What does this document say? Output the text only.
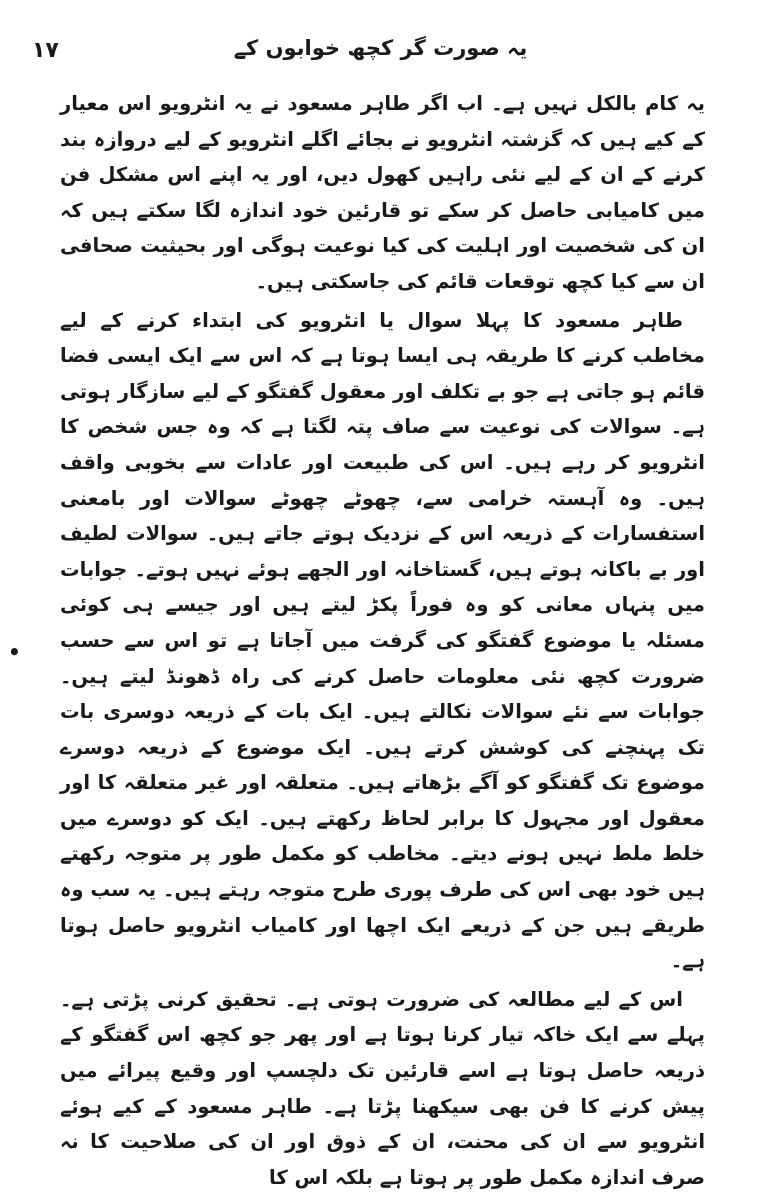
١٧	یہ صورت گر کچھ خوابوں کے
•

یہ کام بالکل نہیں ہے۔ اب اگر طاہر مسعود نے یہ انٹرویو اس معیار کے کیے ہیں کہ گزشتہ انٹرویو نے بجائے اگلے انٹرویو کے لیے دروازہ بند کرنے کے ان کے لیے نئی راہیں کھول دیں، اور یہ اپنے اس مشکل فن میں کامیابی حاصل کر سکے تو قارئین خود اندازہ لگا سکتے ہیں کہ ان کی شخصیت اور اہلیت کی کیا نوعیت ہوگی اور بحیثیت صحافی ان سے کیا کچھ توقعات قائم کی جاسکتی ہیں۔

طاہر مسعود کا پہلا سوال یا انٹرویو کی ابتداء کرنے کے لیے مخاطب کرنے کا طریقہ ہی ایسا ہوتا ہے کہ اس سے ایک ایسی فضا قائم ہو جاتی ہے جو بے تکلف اور معقول گفتگو کے لیے سازگار ہوتی ہے۔ سوالات کی نوعیت سے صاف پتہ لگتا ہے کہ وہ جس شخص کا انٹرویو کر رہے ہیں۔ اس کی طبیعت اور عادات سے بخوبی واقف ہیں۔ وہ آہستہ خرامی سے، چھوٹے چھوٹے سوالات اور بامعنی استفسارات کے ذریعہ اس کے نزدیک ہوتے جاتے ہیں۔ سوالات لطیف اور بے باکانہ ہوتے ہیں، گستاخانہ اور الجھے ہوئے نہیں ہوتے۔ جوابات میں پنہاں معانی کو وہ فوراً پکڑ لیتے ہیں اور جیسے ہی کوئی مسئلہ یا موضوع گفتگو کی گرفت میں آجاتا ہے تو اس سے حسب ضرورت کچھ نئی معلومات حاصل کرنے کی راہ ڈھونڈ لیتے ہیں۔ جوابات سے نئے سوالات نکالتے ہیں۔ ایک بات کے ذریعہ دوسری بات تک پہنچنے کی کوشش کرتے ہیں۔ ایک موضوع کے ذریعہ دوسرے موضوع تک گفتگو کو آگے بڑھاتے ہیں۔ متعلقہ اور غیر متعلقہ کا اور معقول اور مجہول کا برابر لحاظ رکھتے ہیں۔ ایک کو دوسرے میں خلط ملط نہیں ہونے دیتے۔ مخاطب کو مکمل طور پر متوجہ رکھتے ہیں خود بھی اس کی طرف پوری طرح متوجہ رہتے ہیں۔ یہ سب وہ طریقے ہیں جن کے ذریعے ایک اچھا اور کامیاب انٹرویو حاصل ہوتا ہے۔

اس کے لیے مطالعہ کی ضرورت ہوتی ہے۔ تحقیق کرنی پڑتی ہے۔ پہلے سے ایک خاکہ تیار کرنا ہوتا ہے اور پھر جو کچھ اس گفتگو کے ذریعہ حاصل ہوتا ہے اسے قارئین تک دلچسپ اور وقیع پیرائے میں پیش کرنے کا فن بھی سیکھنا پڑتا ہے۔ طاہر مسعود کے کیے ہوئے انٹرویو سے ان کی محنت، ان کے ذوق اور ان کی صلاحیت کا نہ صرف اندازہ مکمل طور پر ہوتا ہے بلکہ اس کا
